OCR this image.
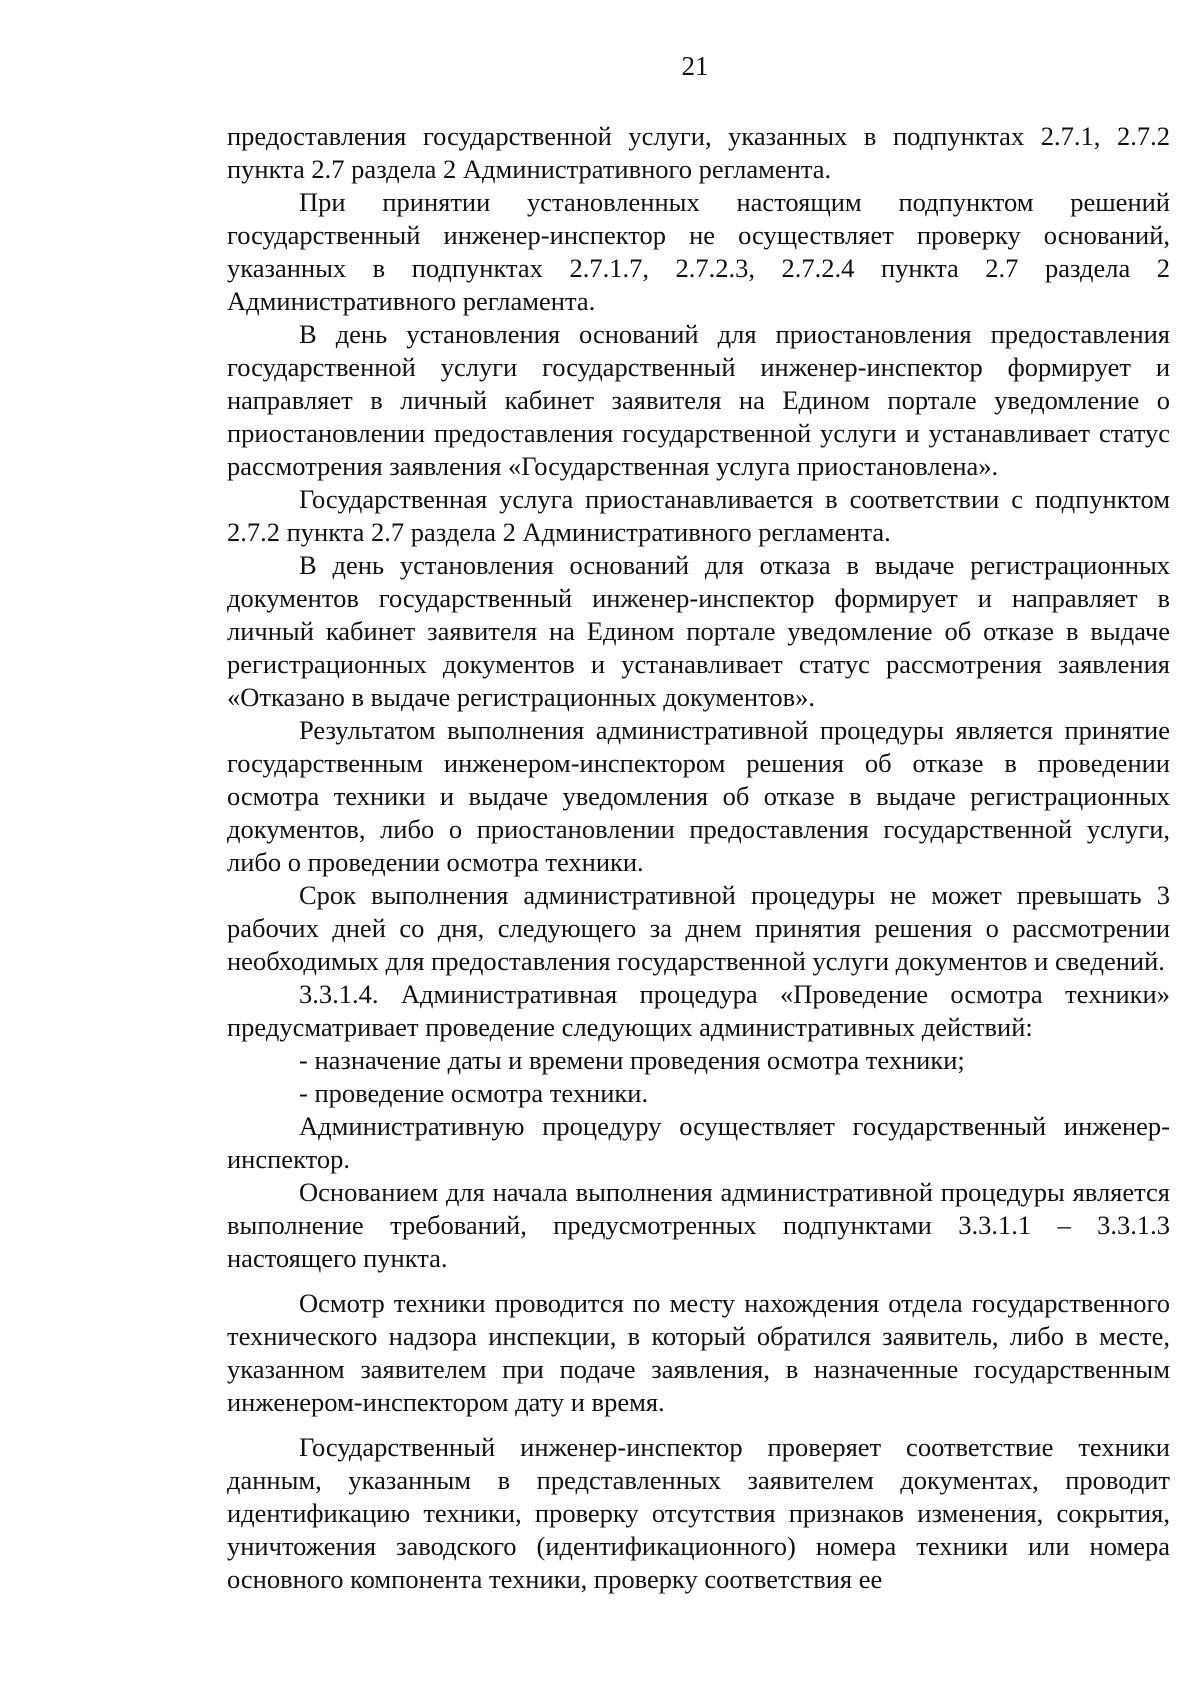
21

предоставления государственной услуги, указанных в подпунктах 2.7.1, 2.7.2 пункта 2.7 раздела 2 Административного регламента.

При принятии установленных настоящим подпунктом решений государственный инженер-инспектор не осуществляет проверку оснований, указанных в подпунктах 2.7.1.7, 2.7.2.3, 2.7.2.4 пункта 2.7 раздела 2 Административного регламента.

В день установления оснований для приостановления предоставления государственной услуги государственный инженер-инспектор формирует и направляет в личный кабинет заявителя на Едином портале уведомление о приостановлении предоставления государственной услуги и устанавливает статус рассмотрения заявления «Государственная услуга приостановлена».

Государственная услуга приостанавливается в соответствии с подпунктом 2.7.2 пункта 2.7 раздела 2 Административного регламента.

В день установления оснований для отказа в выдаче регистрационных документов государственный инженер-инспектор формирует и направляет в личный кабинет заявителя на Едином портале уведомление об отказе в выдаче регистрационных документов и устанавливает статус рассмотрения заявления «Отказано в выдаче регистрационных документов».

Результатом выполнения административной процедуры является принятие государственным инженером-инспектором решения об отказе в проведении осмотра техники и выдаче уведомления об отказе в выдаче регистрационных документов, либо о приостановлении предоставления государственной услуги, либо о проведении осмотра техники.

Срок выполнения административной процедуры не может превышать 3 рабочих дней со дня, следующего за днем принятия решения о рассмотрении необходимых для предоставления государственной услуги документов и сведений.

3.3.1.4. Административная процедура «Проведение осмотра техники» предусматривает проведение следующих административных действий:

- назначение даты и времени проведения осмотра техники;

- проведение осмотра техники.

Административную процедуру осуществляет государственный инженер-инспектор.

Основанием для начала выполнения административной процедуры является выполнение требований, предусмотренных подпунктами 3.3.1.1 – 3.3.1.3 настоящего пункта.

Осмотр техники проводится по месту нахождения отдела государственного технического надзора инспекции, в который обратился заявитель, либо в месте, указанном заявителем при подаче заявления, в назначенные государственным инженером-инспектором дату и время.

Государственный инженер-инспектор проверяет соответствие техники данным, указанным в представленных заявителем документах, проводит идентификацию техники, проверку отсутствия признаков изменения, сокрытия, уничтожения заводского (идентификационного) номера техники или номера основного компонента техники, проверку соответствия ее
